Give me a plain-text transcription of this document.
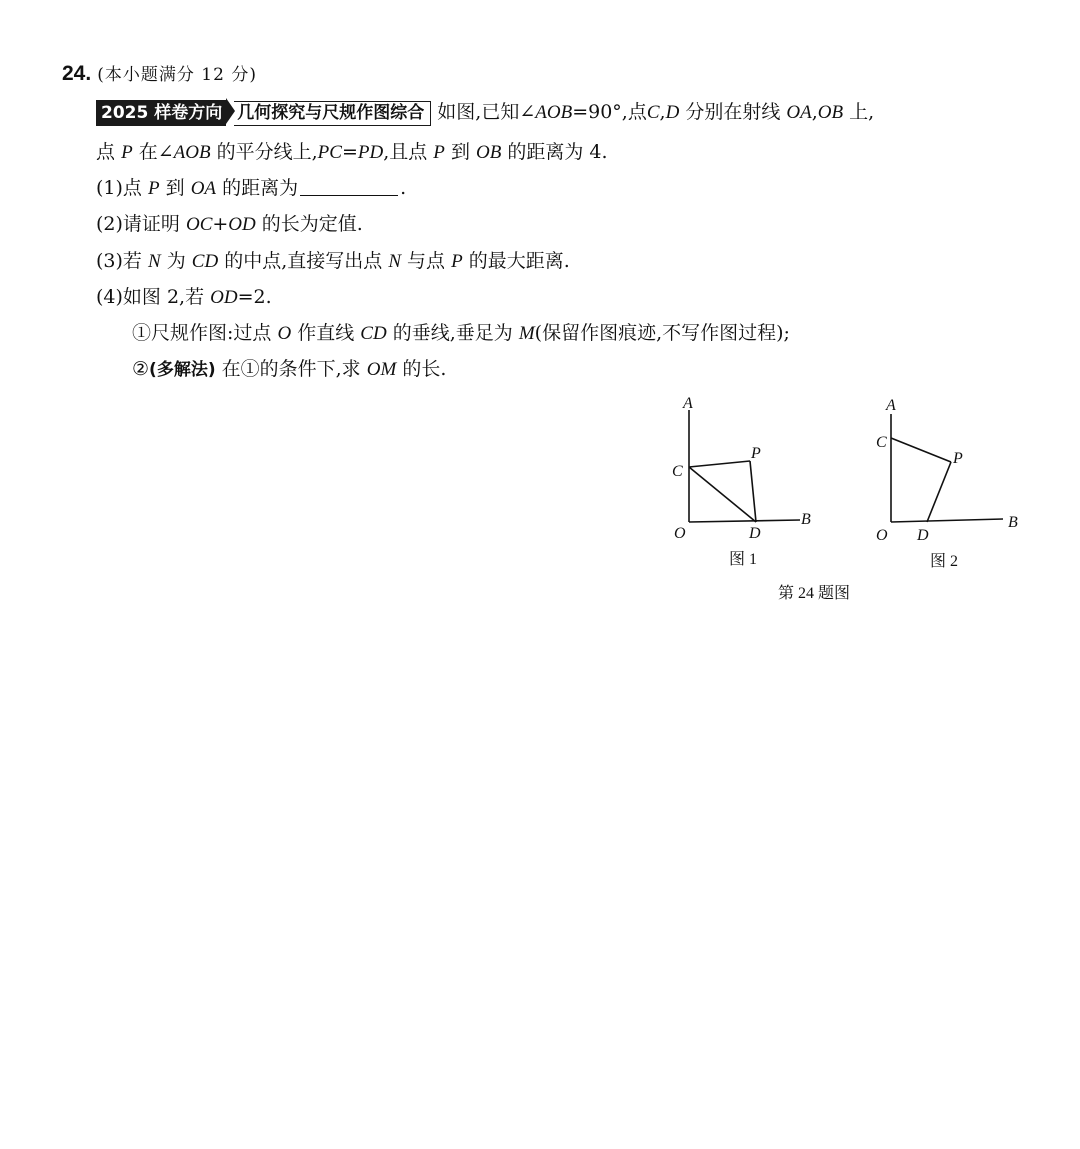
24. (本小题满分 12 分)
2025 样卷方向 几何探究与尺规作图综合 如图,已知∠AOB=90°,点C,D 分别在射线 OA,OB 上,
点 P 在∠AOB 的平分线上,PC=PD,且点 P 到 OB 的距离为 4.
(1)点 P 到 OA 的距离为	.
(2)请证明 OC+OD 的长为定值.
(3)若 N 为 CD 的中点,直接写出点 N 与点 P 的最大距离.
(4)如图 2,若 OD=2.
①尺规作图:过点 O 作直线 CD 的垂线,垂足为 M(保留作图痕迹,不写作图过程);
②(多解法) 在①的条件下,求 OM 的长.
A
C
P
O	D
B
图 1
A
C
P
O D
B
图 2
第 24 题图
